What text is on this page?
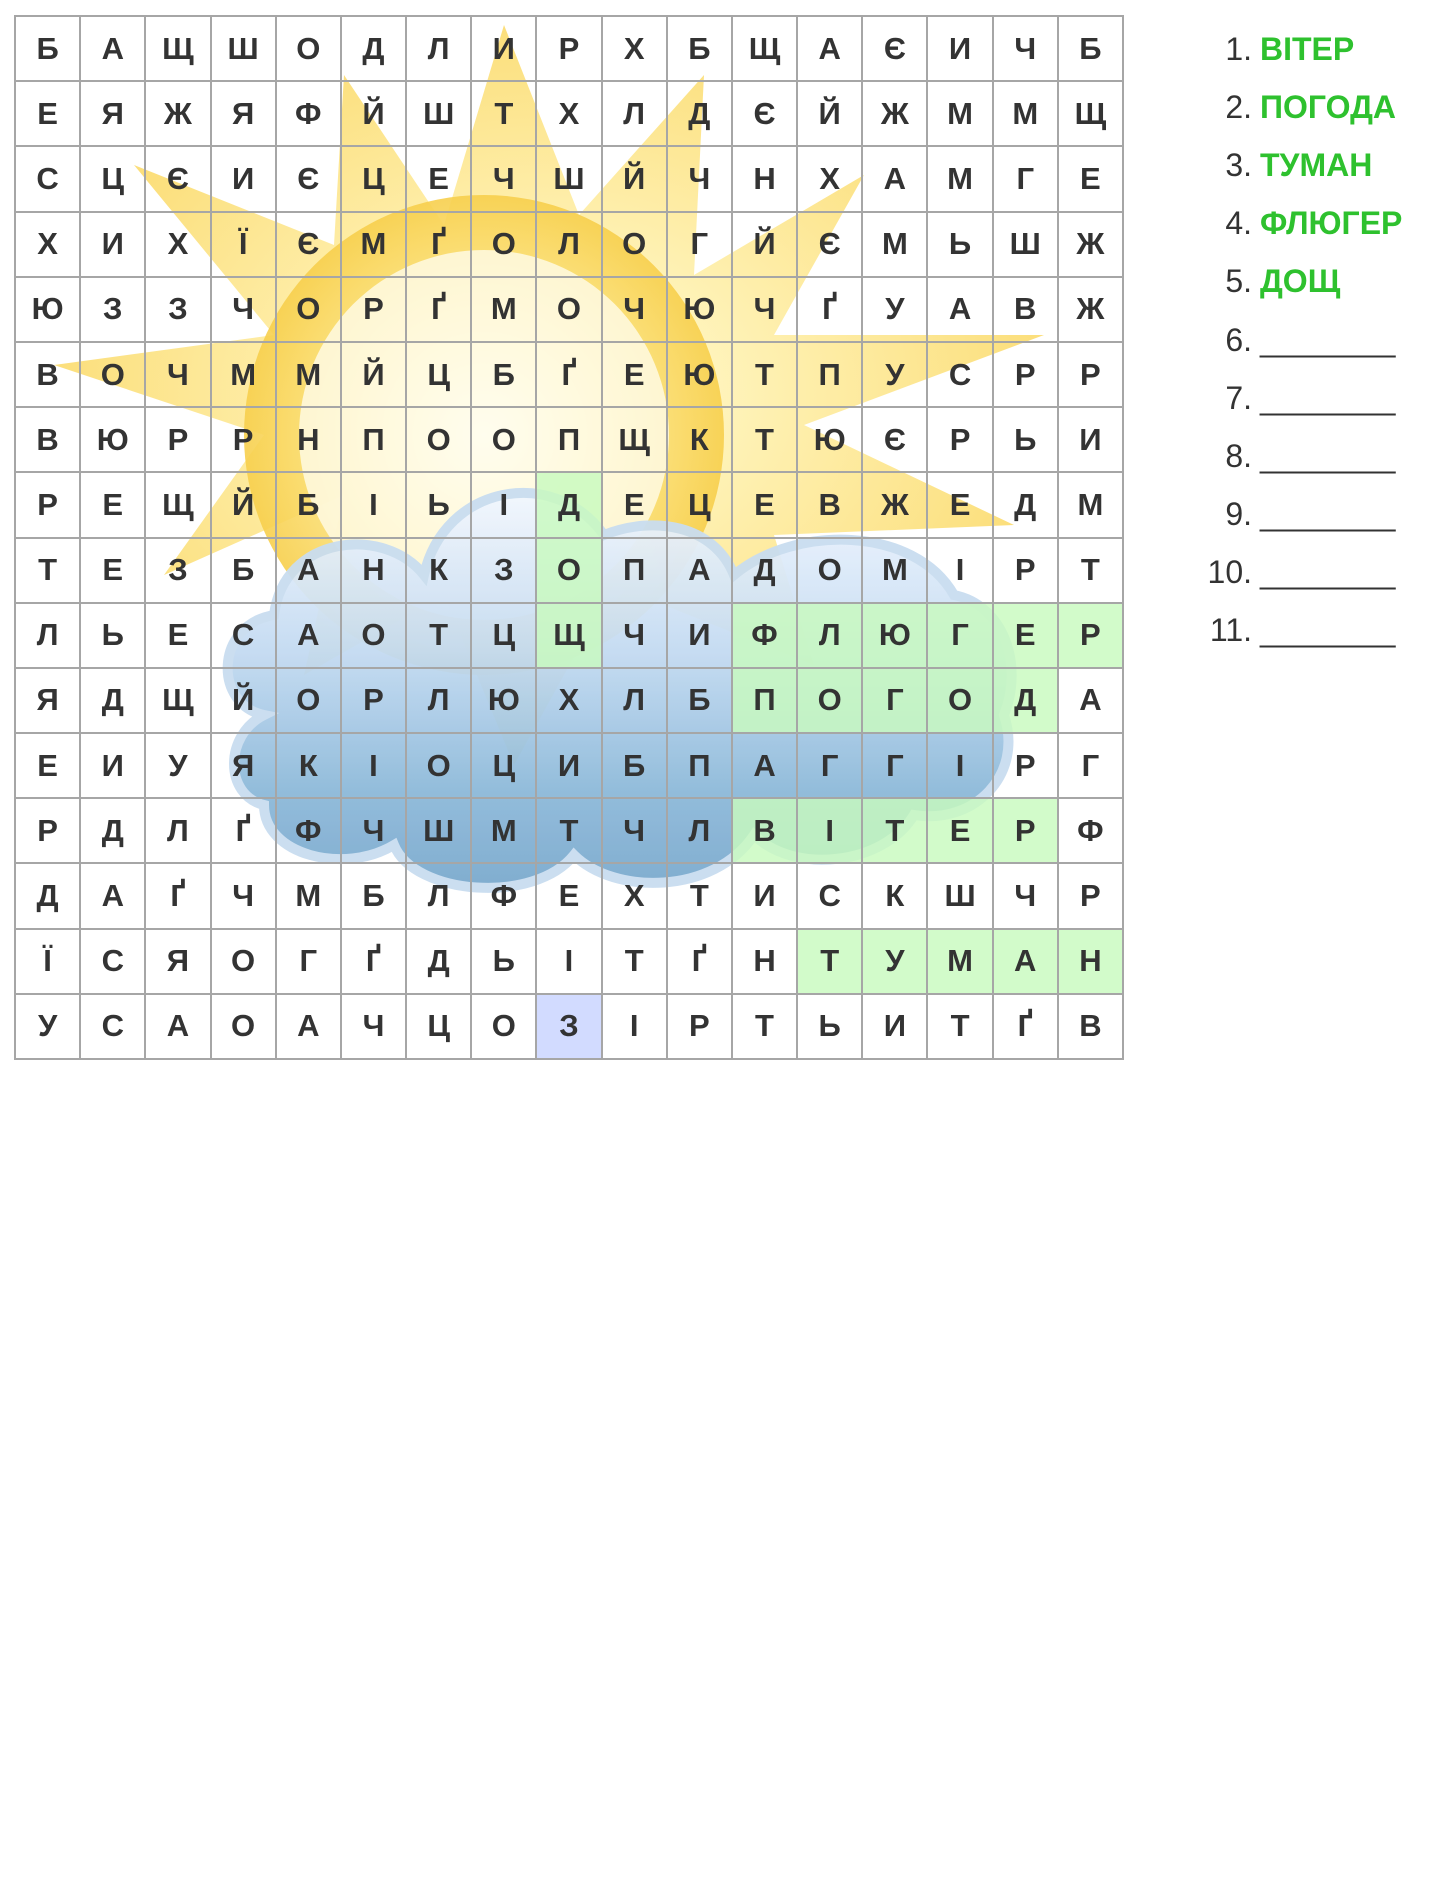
Б	А	Щ	Ш	О	Д	Л	И	Р	Х	Б	Щ	А	Є	И	Ч	Б
Е	Я	Ж	Я	Ф	Й	Ш	Т	Х	Л	Д	Є	Й	Ж	М	М	Щ
С	Ц	Є	И	Є	Ц	Е	Ч	Ш	Й	Ч	Н	Х	А	М	Г	Е
Х	И	Х	Ї	Є	М	Ґ	О	Л	О	Г	Й	Є	М	Ь	Ш	Ж
Ю	З	З	Ч	О	Р	Ґ	М	О	Ч	Ю	Ч	Ґ	У	А	В	Ж
В	О	Ч	М	М	Й	Ц	Б	Ґ	Е	Ю	Т	П	У	С	Р	Р
В	Ю	Р	Р	Н	П	О	О	П	Щ	К	Т	Ю	Є	Р	Ь	И
Р	Е	Щ	Й	Б	І	Ь	І	Д	Е	Ц	Е	В	Ж	Е	Д	М
Т	Е	З	Б	А	Н	К	З	О	П	А	Д	О	М	І	Р	Т
Л	Ь	Е	С	А	О	Т	Ц	Щ	Ч	И	Ф	Л	Ю	Г	Е	Р
Я	Д	Щ	Й	О	Р	Л	Ю	Х	Л	Б	П	О	Г	О	Д	А
Е	И	У	Я	К	І	О	Ц	И	Б	П	А	Г	Г	І	Р	Г
Р	Д	Л	Ґ	Ф	Ч	Ш	М	Т	Ч	Л	В	І	Т	Е	Р	Ф
Д	А	Ґ	Ч	М	Б	Л	Ф	Е	Х	Т	И	С	К	Ш	Ч	Р
Ї	С	Я	О	Г	Ґ	Д	Ь	І	Т	Ґ	Н	Т	У	М	А	Н
У	С	А	О	А	Ч	Ц	О	З	І	Р	Т	Ь	И	Т	Ґ	В
1. ВІТЕР
2. ПОГОДА
3. ТУМАН
4. ФЛЮГЕР
5. ДОЩ
6. ________
7. ________
8. ________
9. ________
10. ________
11. ________
